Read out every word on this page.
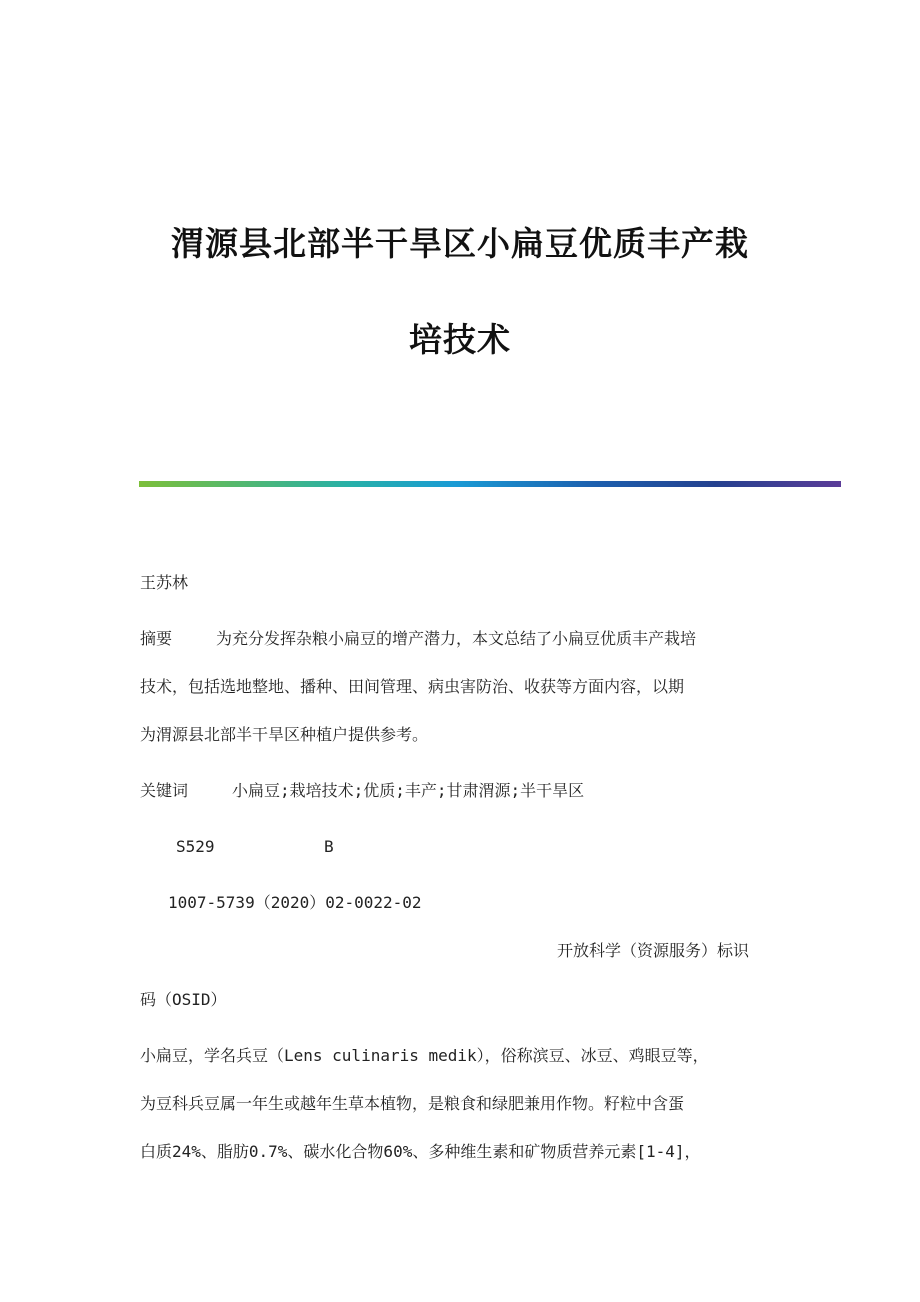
渭源县北部半干旱区小扁豆优质丰产栽
培技术
王苏林
摘要	为充分发挥杂粮小扁豆的增产潜力，本文总结了小扁豆优质丰产栽培
技术，包括选地整地、播种、田间管理、病虫害防治、收获等方面内容，以期
为渭源县北部半干旱区种植户提供参考。
关键词	小扁豆;栽培技术;优质;丰产;甘肃渭源;半干旱区
S529	B
1007-5739（2020）02-0022-02
开放科学（资源服务）标识
码（OSID）
小扁豆，学名兵豆（Lens culinaris medik），俗称滨豆、冰豆、鸡眼豆等，
为豆科兵豆属一年生或越年生草本植物，是粮食和绿肥兼用作物。籽粒中含蛋
白质24%、脂肪0.7%、碳水化合物60%、多种维生素和矿物质营养元素[1-4]，
